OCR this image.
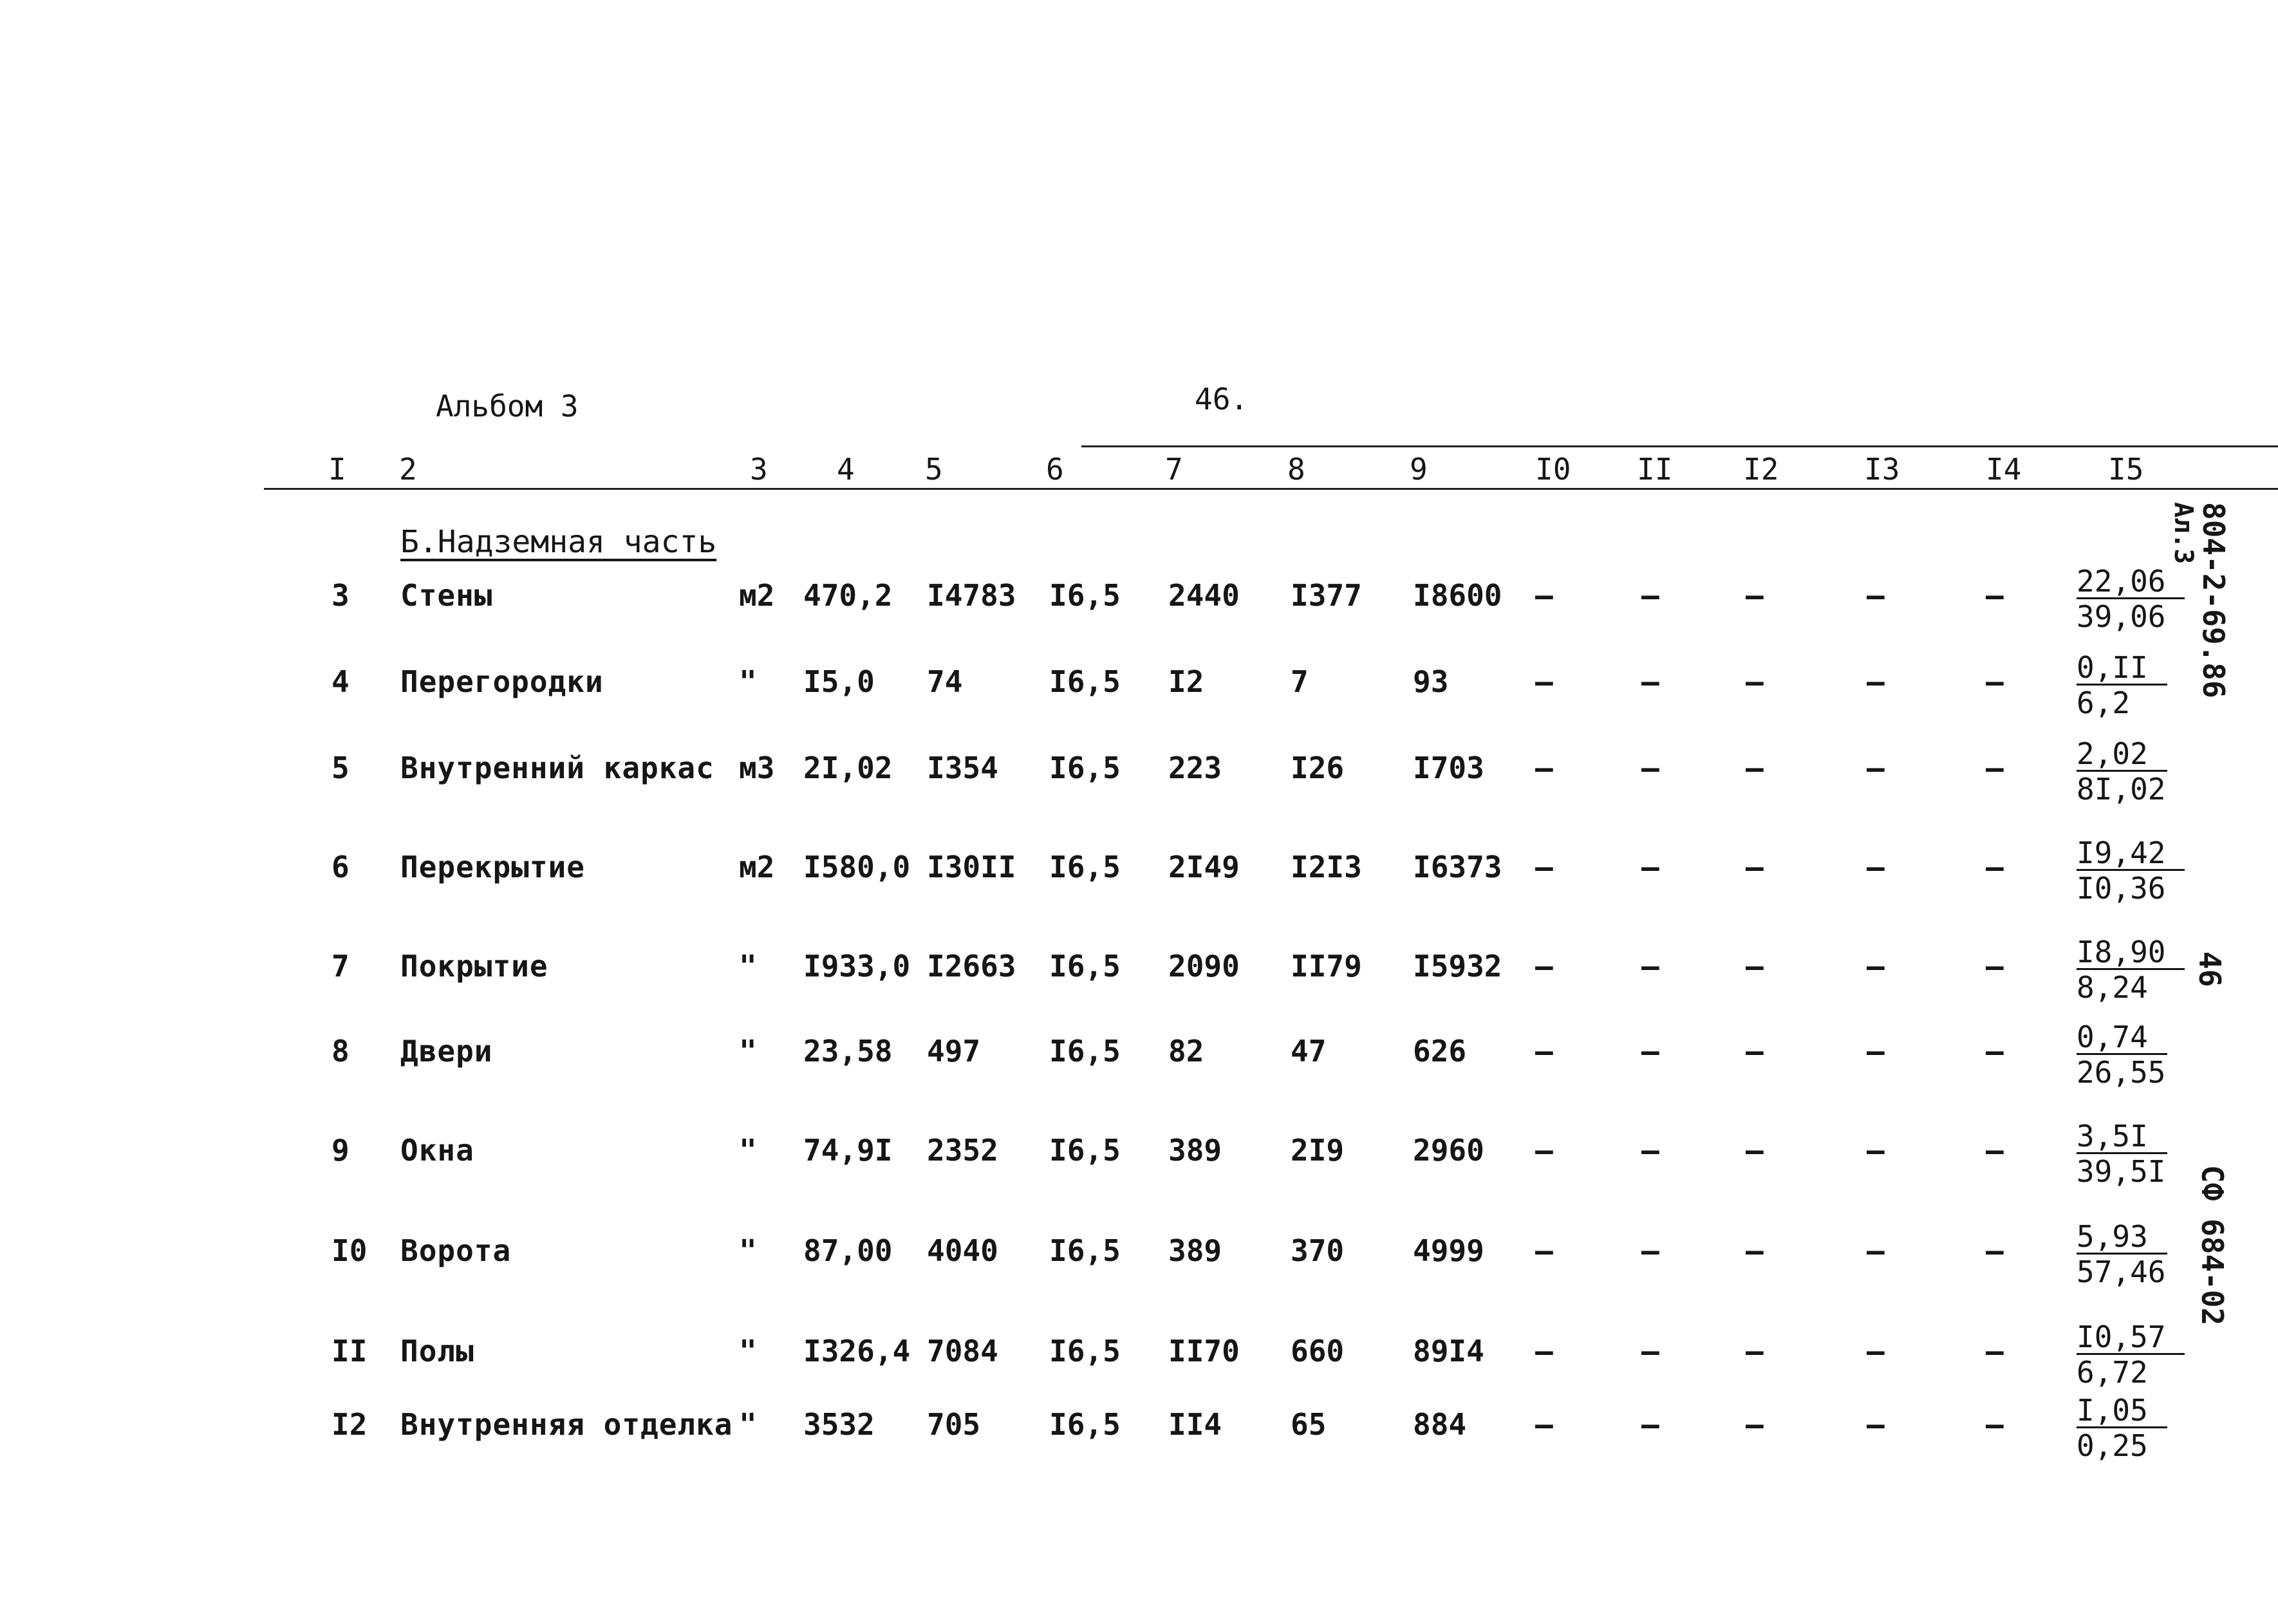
Альбом 3	46.
I 2	3 4 5	6	7	8	9	I0 II I2	I3	I4	I5
Б.Надземная часть
3 Стены	м2 470,2 I4783 I6,5 2440 I377 I8600 –	–	–	–	– $\frac{22,06}{39,06}$
4 Перегородки	" I5,0 74	I6,5 I2	7	93	–	–	–	–	– $\frac{0,II}{6,2}$
5 Внутренний каркас м3 2I,02 I354 I6,5 223 I26 I703 –	–	–	–	– $\frac{2,02}{8I,02}$
6 Перекрытие	м2 I580,0 I30II I6,5 2I49 I2I3 I6373 –	–	–	–	– $\frac{I9,42}{I0,36}$
7 Покрытие	" I933,0 I2663 I6,5 2090 II79 I5932 –	–	–	–	– $\frac{I8,90}{8,24}$
8 Двери	" 23,58 497 I6,5 82	47	626 –	–	–	–	– $\frac{0,74}{26,55}$
9 Окна	" 74,9I 2352 I6,5 389 2I9 2960 –	–	–	–	– $\frac{3,5I}{39,5I}$
I0 Ворота	" 87,00 4040 I6,5 389 370 4999 –	–	–	–	– $\frac{5,93}{57,46}$
II Полы	" I326,4 7084 I6,5 II70 660 89I4 –	–	–	–	– $\frac{I0,57}{6,72}$
I2 Внутренняя отделка " 3532 705 I6,5 II4 65	884 –	–	–	–	– $\frac{I,05}{0,25}$
804-2-69.86
Ал.3
46
СФ 684-02
